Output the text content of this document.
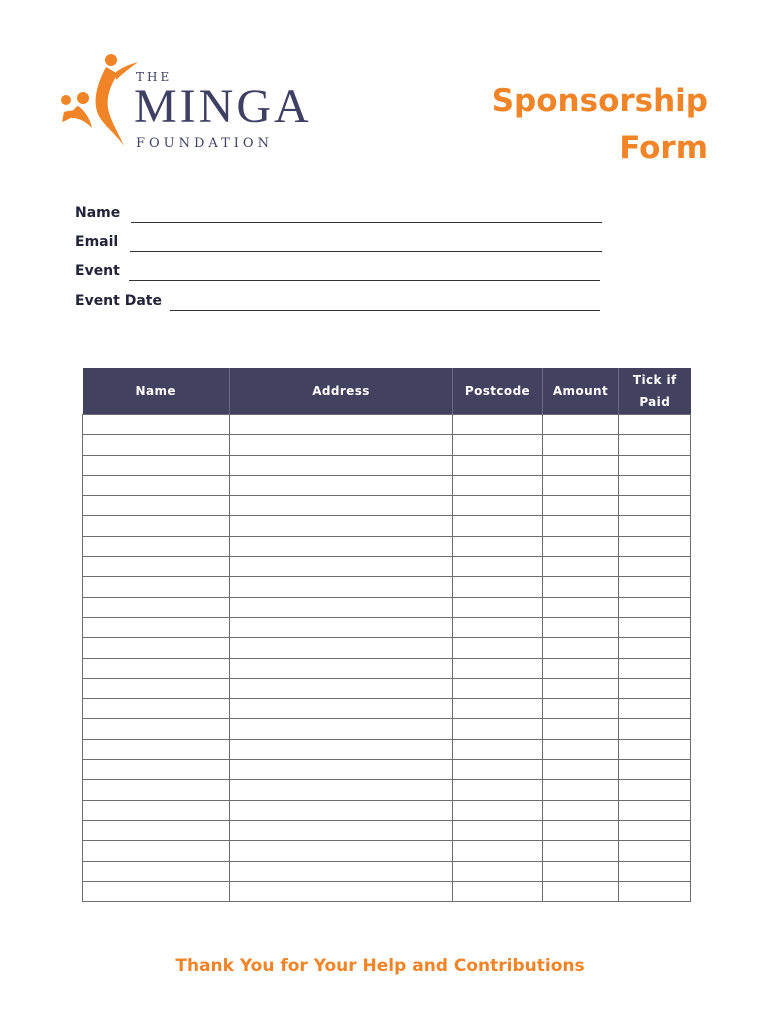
THE
MINGA
FOUNDATION
Sponsorship
Form
Name
Email
Event
Event Date
Name	Address	Postcode	Amount	Tick if
Paid

Thank You for Your Help and Contributions
